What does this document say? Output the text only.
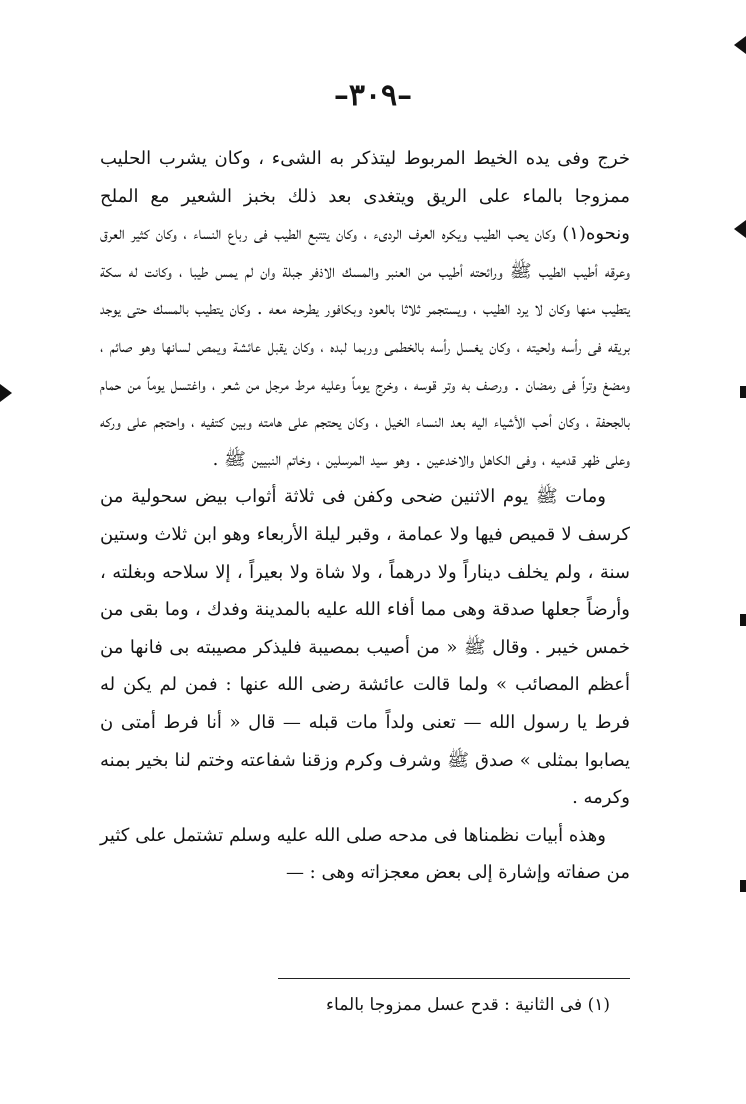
–٣٠٩–
خرج وفى يده الخيط المربوط ليتذكر به الشىء ، وكان يشرب الحليب ممزوجا بالماء على الريق ويتغدى بعد ذلك بخبز الشعير مع الملح ونحوه(١) وكان يحب الطيب ويكره العرف الردىء ، وكان يتتبع الطيب فى رباع النساء ، وكان كثير العرق وعرقه أطيب الطيب ﷺ ورائحته أطيب من العنبر والمسك الاذفر جبلة وان لم يمس طيبا ، وكانت له سكة يتطيب منها وكان لا يرد الطيب ، ويستجمر ثلاثا بالعود وبكافور يطرحه معه . وكان يتطيب بالمسك حتى يوجد بريقه فى رأسه ولحيته ، وكان يغسل رأسه بالخطمى وربما لبده ، وكان يقبل عائشة ويمص لسانها وهو صائم ، ومضغ وتراً فى رمضان . ورصف به وتر قوسه ، وخرج يوماً وعليه مرط مرجل من شعر ، واغتسل يوماً من حمام بالجحفة ، وكان أحب الأشياء اليه بعد النساء الخيل ، وكان يحتجم على هامته وبين كتفيه ، واحتجم على وركه وعلى ظهر قدميه ، وفى الكاهل والاخدعين . وهو سيد المرسلين ، وخاتم النبيين ﷺ .
ومات ﷺ يوم الاثنين ضحى وكفن فى ثلاثة أثواب بيض سحولية من كرسف لا قميص فيها ولا عمامة ، وقبر ليلة الأربعاء وهو ابن ثلاث وستين سنة ، ولم يخلف ديناراً ولا درهماً ، ولا شاة ولا بعيراً ، إلا سلاحه وبغلته ، وأرضاً جعلها صدقة وهى مما أفاء الله عليه بالمدينة وفدك ، وما بقى من خمس خيبر . وقال ﷺ « من أصيب بمصيبة فليذكر مصيبته بى فانها من أعظم المصائب » ولما قالت عائشة رضى الله عنها : فمن لم يكن له فرط يا رسول الله — تعنى ولداً مات قبله — قال « أنا فرط أمتى ن يصابوا بمثلى » صدق ﷺ وشرف وكرم وزقنا شفاعته وختم لنا بخير بمنه وكرمه .
وهذه أبيات نظمناها فى مدحه صلى الله عليه وسلم تشتمل على كثير من صفاته وإشارة إلى بعض معجزاته وهى : —
(١) فى الثانية : قدح عسل ممزوجا بالماء
